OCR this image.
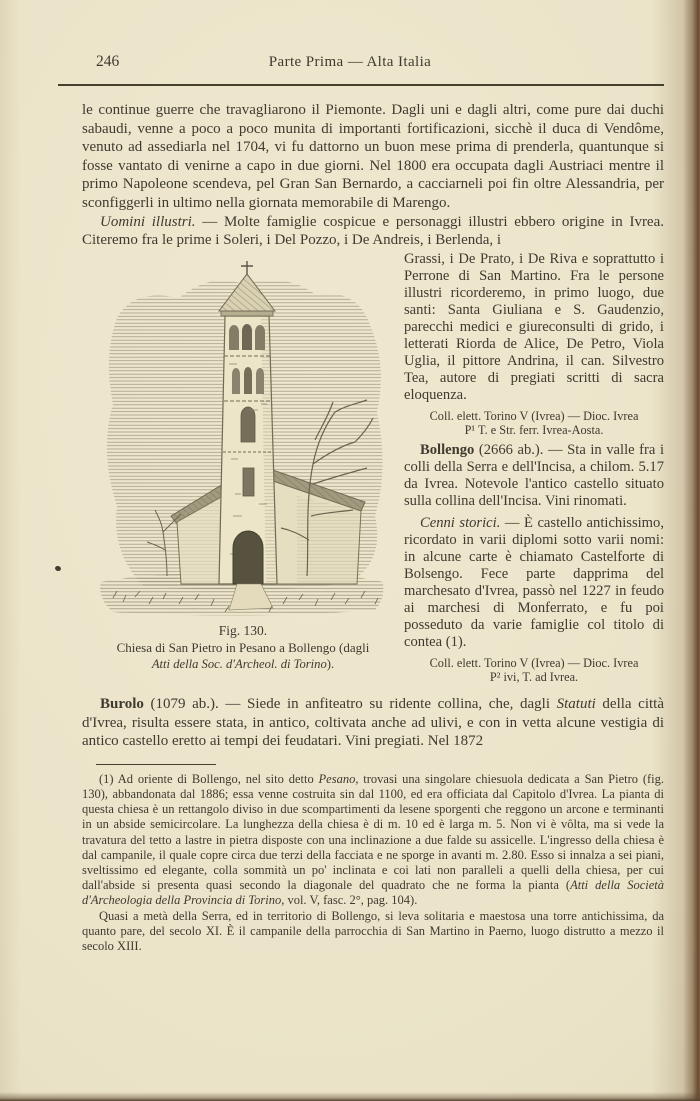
246	Parte Prima — Alta Italia

le continue guerre che travagliarono il Piemonte. Dagli uni e dagli altri, come pure dai duchi sabaudi, venne a poco a poco munita di importanti fortificazioni, sicchè il duca di Vendôme, venuto ad assediarla nel 1704, vi fu dattorno un buon mese prima di prenderla, quantunque si fosse vantato di venirne a capo in due giorni. Nel 1800 era occupata dagli Austriaci mentre il primo Napoleone scendeva, pel Gran San Bernardo, a cacciarneli poi fin oltre Alessandria, per sconfiggerli in ultimo nella giornata memorabile di Marengo.

Uomini illustri. — Molte famiglie cospicue e personaggi illustri ebbero origine in Ivrea. Citeremo fra le prime i Soleri, i Del Pozzo, i De Andreis, i Berlenda, i

Fig. 130.
Chiesa di San Pietro in Pesano a Bollengo (dagli
Atti della Soc. d'Archeol. di Torino).

Grassi, i De Prato, i De Riva e soprattutto i Perrone di San Martino. Fra le persone illustri ricorderemo, in primo luogo, due santi: Santa Giuliana e S. Gaudenzio, parecchi medici e giureconsulti di grido, i letterati Riorda de Alice, De Petro, Viola Uglia, il pittore Andrina, il can. Silvestro Tea, autore di pregiati scritti di sacra eloquenza.

Coll. elett. Torino V (Ivrea) — Dioc. Ivrea
P¹ T. e Str. ferr. Ivrea-Aosta.

Bollengo (2666 ab.). — Sta in valle fra i colli della Serra e dell'Incisa, a chilom. 5.17 da Ivrea. Notevole l'antico castello situato sulla collina dell'Incisa. Vini rinomati.

Cenni storici. — È castello antichissimo, ricordato in varii diplomi sotto varii nomi: in alcune carte è chiamato Castelforte di Bolsengo. Fece parte dapprima del marchesato d'Ivrea, passò nel 1227 in feudo ai marchesi di Monferrato, e fu poi posseduto da varie famiglie col titolo di contea (1).

Coll. elett. Torino V (Ivrea) — Dioc. Ivrea
P² ivi, T. ad Ivrea.

Burolo (1079 ab.). — Siede in anfiteatro su ridente collina, che, dagli Statuti della città d'Ivrea, risulta essere stata, in antico, coltivata anche ad ulivi, e con in vetta alcune vestigia di antico castello eretto ai tempi dei feudatari. Vini pregiati. Nel 1872

(1) Ad oriente di Bollengo, nel sito detto Pesano, trovasi una singolare chiesuola dedicata a San Pietro (fig. 130), abbandonata dal 1886; essa venne costruita sin dal 1100, ed era officiata dal Capitolo d'Ivrea. La pianta di questa chiesa è un rettangolo diviso in due scompartimenti da lesene sporgenti che reggono un arcone e terminanti in un abside semicircolare. La lunghezza della chiesa è di m. 10 ed è larga m. 5. Non vi è vôlta, ma si vede la travatura del tetto a lastre in pietra disposte con una inclinazione a due falde su assicelle. L'ingresso della chiesa è dal campanile, il quale copre circa due terzi della facciata e ne sporge in avanti m. 2.80. Esso si innalza a sei piani, sveltissimo ed elegante, colla sommità un po' inclinata e coi lati non paralleli a quelli della chiesa, per cui dall'abside si presenta quasi secondo la diagonale del quadrato che ne forma la pianta (Atti della Società d'Archeologia della Provincia di Torino, vol. V, fasc. 2°, pag. 104).

Quasi a metà della Serra, ed in territorio di Bollengo, si leva solitaria e maestosa una torre antichissima, da quanto pare, del secolo XI. È il campanile della parrocchia di San Martino in Paerno, luogo distrutto a mezzo il secolo XIII.
